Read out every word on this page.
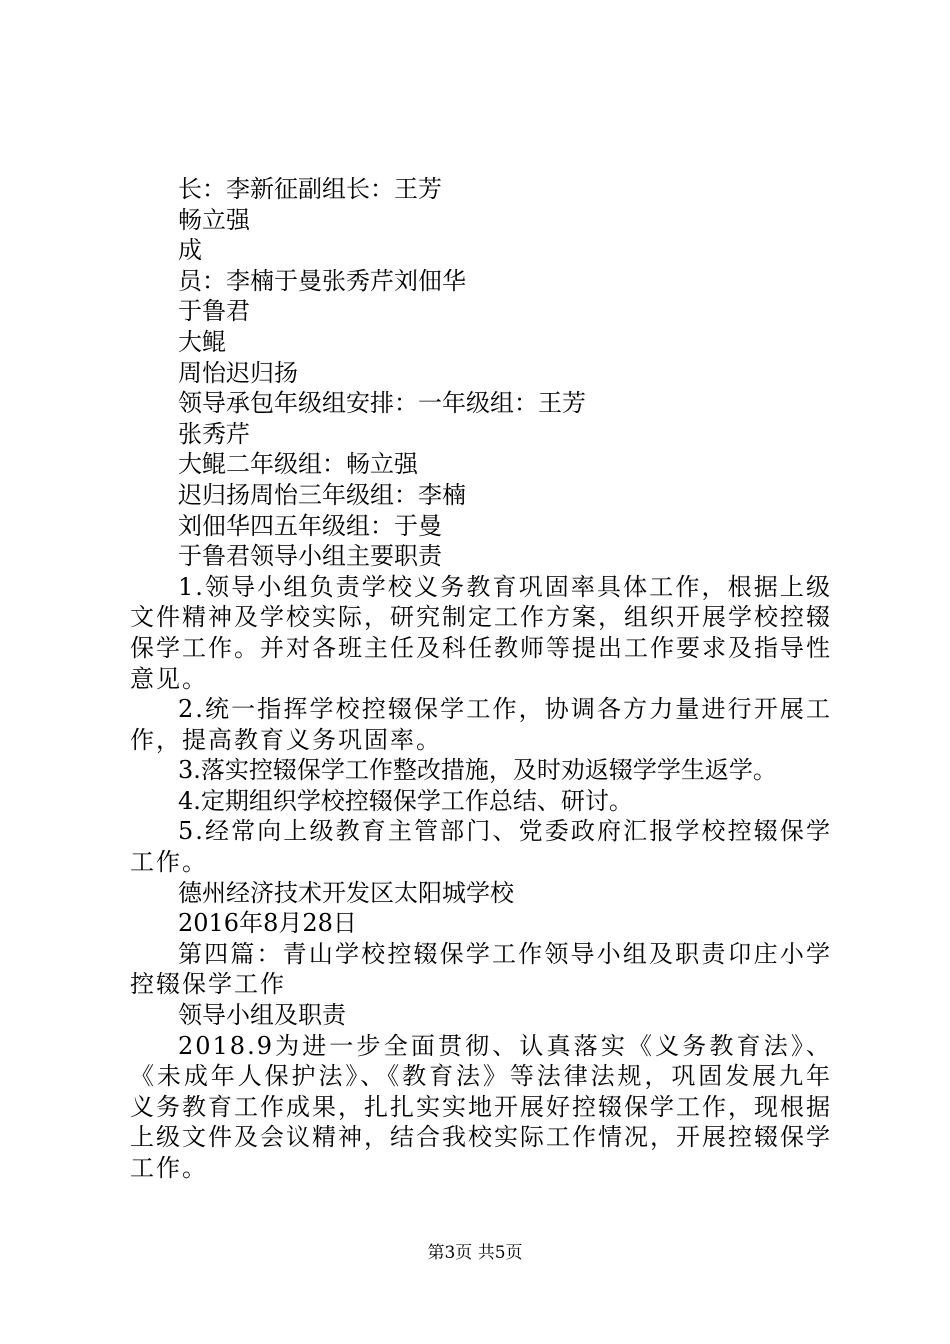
长：李新征副组长：王芳

畅立强

成

员：李楠于曼张秀芹刘佃华

于鲁君

大鲲

周怡迟归扬

领导承包年级组安排：一年级组：王芳

张秀芹

大鲲二年级组：畅立强

迟归扬周怡三年级组：李楠

刘佃华四五年级组：于曼

于鲁君领导小组主要职责

1.领导小组负责学校义务教育巩固率具体工作，根据上级文件精神及学校实际，研究制定工作方案，组织开展学校控辍保学工作。并对各班主任及科任教师等提出工作要求及指导性意见。

2.统一指挥学校控辍保学工作，协调各方力量进行开展工作，提高教育义务巩固率。

3.落实控辍保学工作整改措施，及时劝返辍学学生返学。

4.定期组织学校控辍保学工作总结、研讨。

5.经常向上级教育主管部门、党委政府汇报学校控辍保学工作。

德州经济技术开发区太阳城学校

2016年8月28日

第四篇：青山学校控辍保学工作领导小组及职责卬庄小学控辍保学工作

领导小组及职责

2018.9为进一步全面贯彻、认真落实《义务教育法》、《未成年人保护法》、《教育法》等法律法规，巩固发展九年义务教育工作成果，扎扎实实地开展好控辍保学工作，现根据上级文件及会议精神，结合我校实际工作情况，开展控辍保学工作。

第3页 共5页
